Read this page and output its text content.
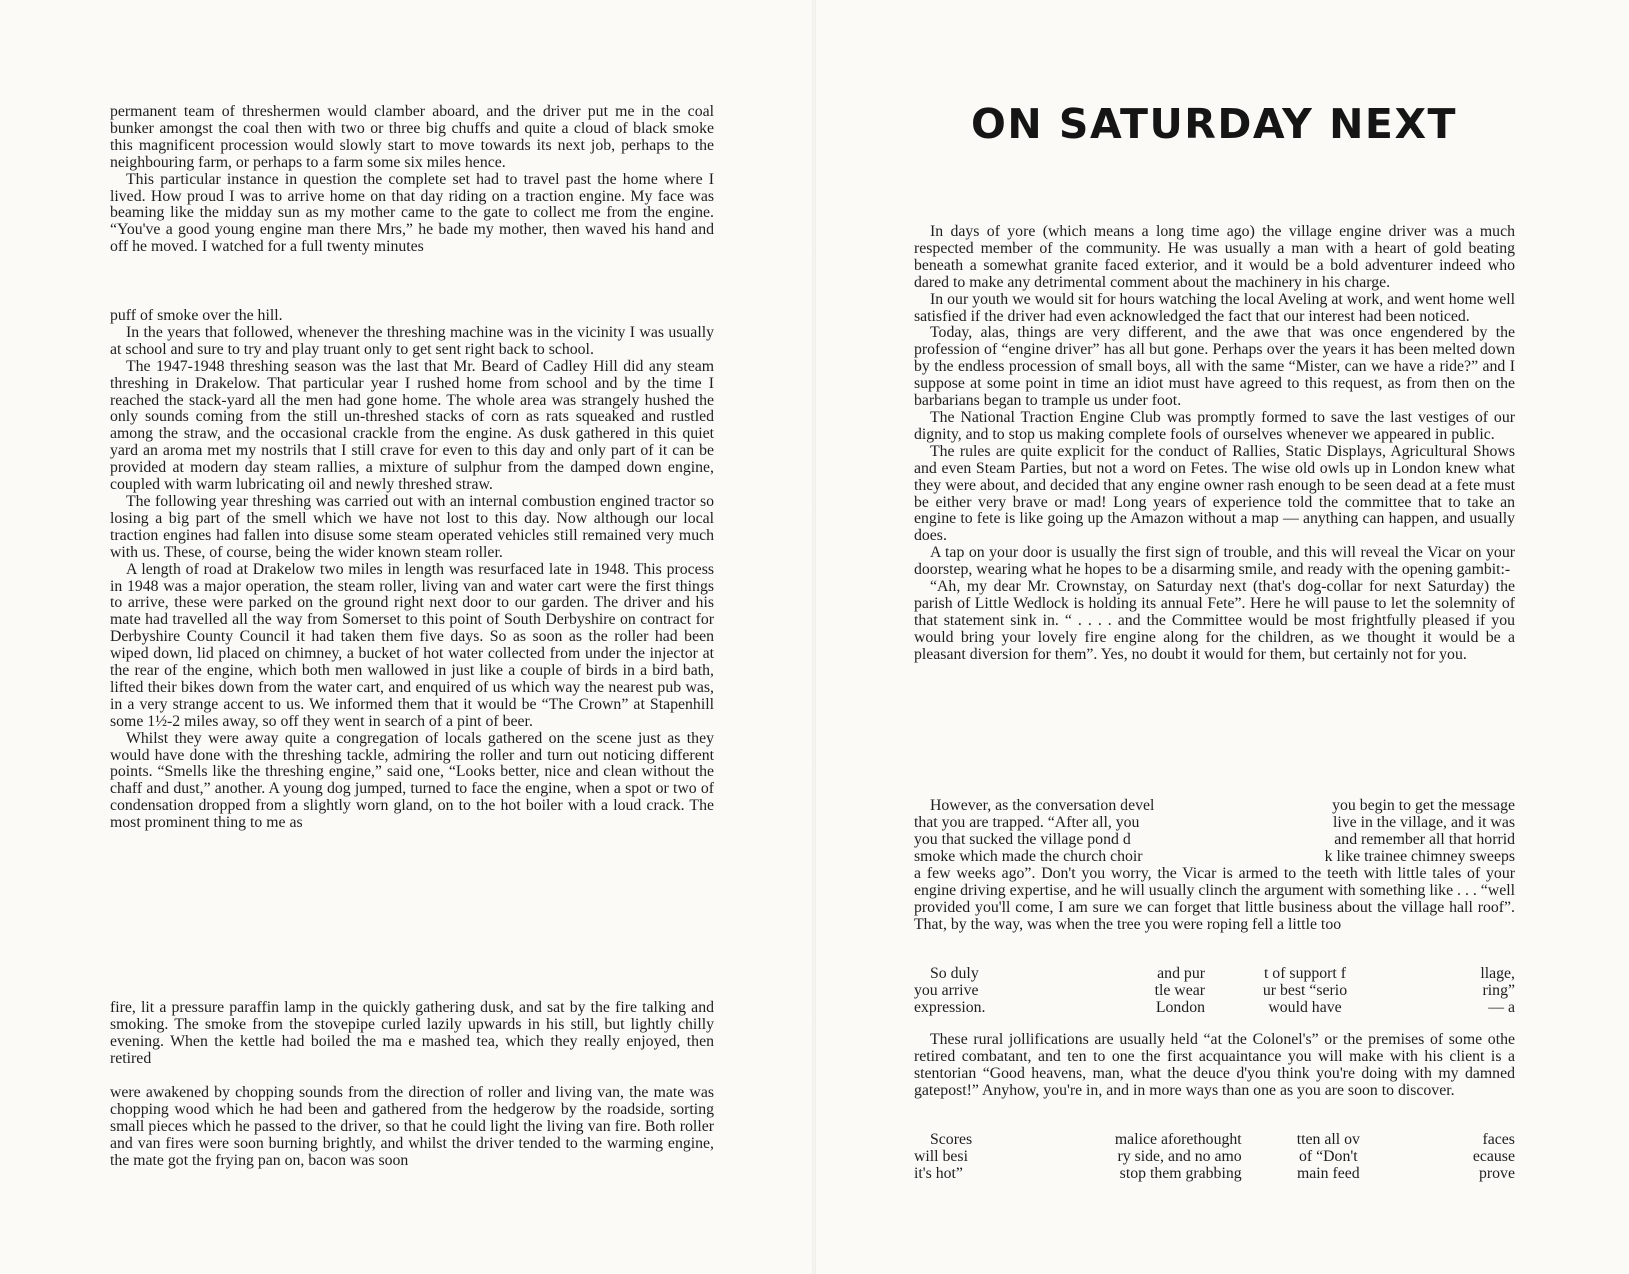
permanent team of threshermen would clamber aboard, and the driver put me in the coal bunker amongst the coal then with two or three big chuffs and quite a cloud of black smoke this magnificent procession would slowly start to move towards its next job, perhaps to the neighbouring farm, or perhaps to a farm some six miles hence.

This particular instance in question the complete set had to travel past the home where I lived. How proud I was to arrive home on that day riding on a traction engine. My face was beaming like the midday sun as my mother came to the gate to collect me from the engine. “You've a good young engine man there Mrs,” he bade my mother, then waved his hand and off he moved. I watched for a full twenty minutes

puff of smoke over the hill.

In the years that followed, whenever the threshing machine was in the vicinity I was usually at school and sure to try and play truant only to get sent right back to school.

The 1947-1948 threshing season was the last that Mr. Beard of Cadley Hill did any steam threshing in Drakelow. That particular year I rushed home from school and by the time I reached the stack-yard all the men had gone home. The whole area was strangely hushed the only sounds coming from the still un-threshed stacks of corn as rats squeaked and rustled among the straw, and the occasional crackle from the engine. As dusk gathered in this quiet yard an aroma met my nostrils that I still crave for even to this day and only part of it can be provided at modern day steam rallies, a mixture of sulphur from the damped down engine, coupled with warm lubricating oil and newly threshed straw.

The following year threshing was carried out with an internal combustion engined tractor so losing a big part of the smell which we have not lost to this day. Now although our local traction engines had fallen into disuse some steam operated vehicles still remained very much with us. These, of course, being the wider known steam roller.

A length of road at Drakelow two miles in length was resurfaced late in 1948. This process in 1948 was a major operation, the steam roller, living van and water cart were the first things to arrive, these were parked on the ground right next door to our garden. The driver and his mate had travelled all the way from Somerset to this point of South Derbyshire on contract for Derbyshire County Council it had taken them five days. So as soon as the roller had been wiped down, lid placed on chimney, a bucket of hot water collected from under the injector at the rear of the engine, which both men wallowed in just like a couple of birds in a bird bath, lifted their bikes down from the water cart, and enquired of us which way the nearest pub was, in a very strange accent to us. We informed them that it would be “The Crown” at Stapenhill some 1½-2 miles away, so off they went in search of a pint of beer.

Whilst they were away quite a congregation of locals gathered on the scene just as they would have done with the threshing tackle, admiring the roller and turn out noticing different points. “Smells like the threshing engine,” said one, “Looks better, nice and clean without the chaff and dust,” another. A young dog jumped, turned to face the engine, when a spot or two of condensation dropped from a slightly worn gland, on to the hot boiler with a loud crack. The most prominent thing to me as

fire, lit a pressure paraffin lamp in the quickly gathering dusk, and sat by the fire talking and smoking. The smoke from the stovepipe curled lazily upwards in his still, but lightly chilly evening. When the kettle had boiled the ma e mashed tea, which they really enjoyed, then retired

were awakened by chopping sounds from the direction of roller and living van, the mate was chopping wood which he had been and gathered from the hedgerow by the roadside, sorting small pieces which he passed to the driver, so that he could light the living van fire. Both roller and van fires were soon burning brightly, and whilst the driver tended to the warming engine, the mate got the frying pan on, bacon was soon

ON SATURDAY NEXT

In days of yore (which means a long time ago) the village engine driver was a much respected member of the community. He was usually a man with a heart of gold beating beneath a somewhat granite faced exterior, and it would be a bold adventurer indeed who dared to make any detrimental comment about the machinery in his charge.

In our youth we would sit for hours watching the local Aveling at work, and went home well satisfied if the driver had even acknowledged the fact that our interest had been noticed.

Today, alas, things are very different, and the awe that was once engendered by the profession of “engine driver” has all but gone. Perhaps over the years it has been melted down by the endless procession of small boys, all with the same “Mister, can we have a ride?” and I suppose at some point in time an idiot must have agreed to this request, as from then on the barbarians began to trample us under foot.

The National Traction Engine Club was promptly formed to save the last vestiges of our dignity, and to stop us making complete fools of ourselves whenever we appeared in public.

The rules are quite explicit for the conduct of Rallies, Static Displays, Agricultural Shows and even Steam Parties, but not a word on Fetes. The wise old owls up in London knew what they were about, and decided that any engine owner rash enough to be seen dead at a fete must be either very brave or mad! Long years of experience told the committee that to take an engine to fete is like going up the Amazon without a map — anything can happen, and usually does.

A tap on your door is usually the first sign of trouble, and this will reveal the Vicar on your doorstep, wearing what he hopes to be a disarming smile, and ready with the opening gambit:-

“Ah, my dear Mr. Crownstay, on Saturday next (that's dog-collar for next Saturday) the parish of Little Wedlock is holding its annual Fete”. Here he will pause to let the solemnity of that statement sink in. “ . . . . and the Committee would be most frightfully pleased if you would bring your lovely fire engine along for the children, as we thought it would be a pleasant diversion for them”. Yes, no doubt it would for them, but certainly not for you.

However, as the conversation devel
that you are trapped. “After all, you
you that sucked the village pond d
smoke which made the church choir
you begin to get the message
live in the village, and it was
and remember all that horrid
k like trainee chimney sweeps

a few weeks ago”. Don't you worry, the Vicar is armed to the teeth with little tales of your engine driving expertise, and he will usually clinch the argument with something like . . . “well provided you'll come, I am sure we can forget that little business about the village hall roof”. That, by the way, was when the tree you were roping fell a little too

So duly
you arrive
expression.
and pur
tle wear
London
t of support f
ur best “serio
would have
llage,
ring”
— a

These rural jollifications are usually held “at the Colonel's” or the premises of some othe retired combatant, and ten to one the first acquaintance you will make with his client is a stentorian “Good heavens, man, what the deuce d'you think you're doing with my damned gatepost!” Anyhow, you're in, and in more ways than one as you are soon to discover.

Scores
will besi
it's hot”
malice aforethought
ry side, and no amo
stop them grabbing
tten all ov
of “Don't
main feed
faces
ecause
prove
